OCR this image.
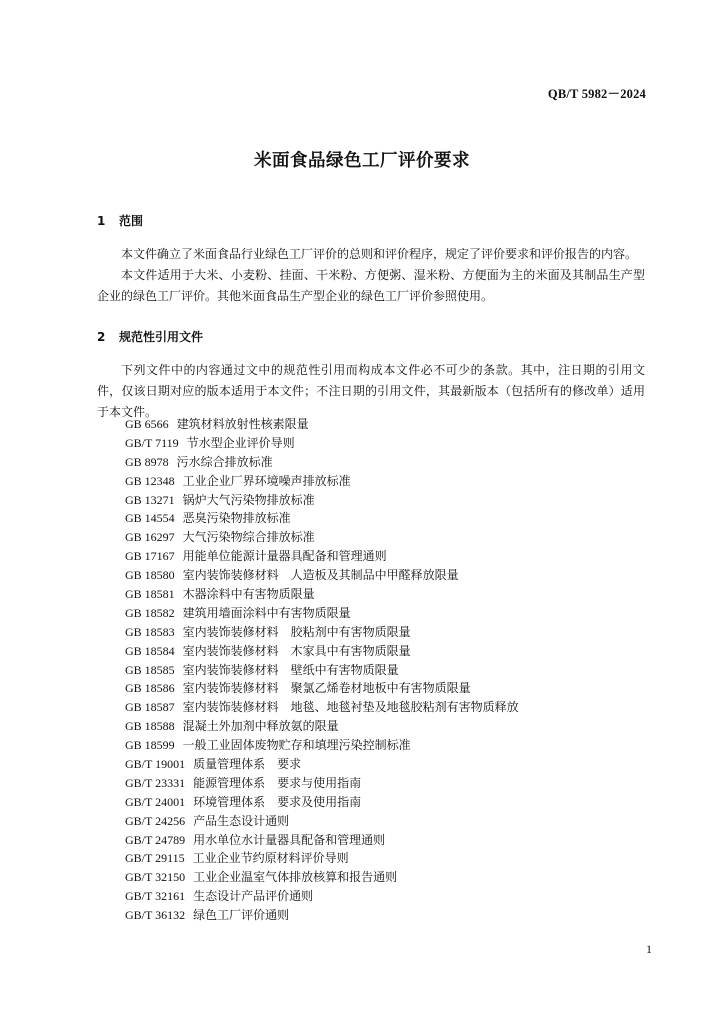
QB/T 5982－2024
米面食品绿色工厂评价要求
1 范围
本文件确立了米面食品行业绿色工厂评价的总则和评价程序，规定了评价要求和评价报告的内容。
本文件适用于大米、小麦粉、挂面、干米粉、方便粥、湿米粉、方便面为主的米面及其制品生产型企业的绿色工厂评价。其他米面食品生产型企业的绿色工厂评价参照使用。
2 规范性引用文件
下列文件中的内容通过文中的规范性引用而构成本文件必不可少的条款。其中，注日期的引用文件，仅该日期对应的版本适用于本文件；不注日期的引用文件，其最新版本（包括所有的修改单）适用于本文件。
GB 6566 建筑材料放射性核素限量
GB/T 7119 节水型企业评价导则
GB 8978 污水综合排放标准
GB 12348 工业企业厂界环境噪声排放标准
GB 13271 锅炉大气污染物排放标准
GB 14554 恶臭污染物排放标准
GB 16297 大气污染物综合排放标准
GB 17167 用能单位能源计量器具配备和管理通则
GB 18580 室内装饰装修材料　人造板及其制品中甲醛释放限量
GB 18581 木器涂料中有害物质限量
GB 18582 建筑用墙面涂料中有害物质限量
GB 18583 室内装饰装修材料　胶粘剂中有害物质限量
GB 18584 室内装饰装修材料　木家具中有害物质限量
GB 18585 室内装饰装修材料　壁纸中有害物质限量
GB 18586 室内装饰装修材料　聚氯乙烯卷材地板中有害物质限量
GB 18587 室内装饰装修材料　地毯、地毯衬垫及地毯胶粘剂有害物质释放
GB 18588 混凝土外加剂中释放氨的限量
GB 18599 一般工业固体废物贮存和填埋污染控制标准
GB/T 19001 质量管理体系　要求
GB/T 23331 能源管理体系　要求与使用指南
GB/T 24001 环境管理体系　要求及使用指南
GB/T 24256 产品生态设计通则
GB/T 24789 用水单位水计量器具配备和管理通则
GB/T 29115 工业企业节约原材料评价导则
GB/T 32150 工业企业温室气体排放核算和报告通则
GB/T 32161 生态设计产品评价通则
GB/T 36132 绿色工厂评价通则
1
